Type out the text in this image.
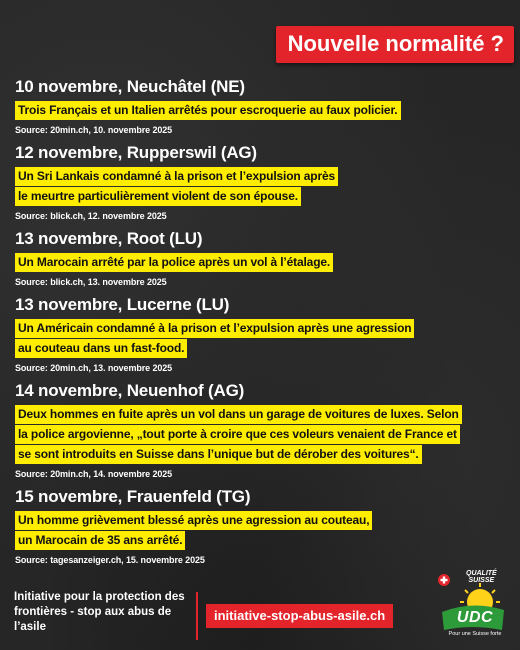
Nouvelle normalité ?
10 novembre, Neuchâtel (NE)
Trois Français et un Italien arrêtés pour escroquerie au faux policier.

Source: 20min.ch, 10. novembre 2025
12 novembre, Rupperswil (AG)
Un Sri Lankais condamné à la prison et l’expulsion après
le meurtre particulièrement violent de son épouse.

Source: blick.ch, 12. novembre 2025
13 novembre, Root (LU)
Un Marocain arrêté par la police après un vol à l’étalage.

Source: blick.ch, 13. novembre 2025
13 novembre, Lucerne (LU)
Un Américain condamné à la prison et l’expulsion après une agression
au couteau dans un fast-food.

Source: 20min.ch, 13. novembre 2025
14 novembre, Neuenhof (AG)
Deux hommes en fuite après un vol dans un garage de voitures de luxes. Selon
la police argovienne, „tout porte à croire que ces voleurs venaient de France et
se sont introduits en Suisse dans l’unique but de dérober des voitures“.

Source: 20min.ch, 14. novembre 2025
15 novembre, Frauenfeld (TG)
Un homme grièvement blessé après une agression au couteau,
un Marocain de 35 ans arrêté.

Source: tagesanzeiger.ch, 15. novembre 2025
Initiative pour la protection des frontières - stop aux abus de l’asile
initiative-stop-abus-asile.ch
QUALITÉ
SUISSE
UDC
Pour une Suisse forte
